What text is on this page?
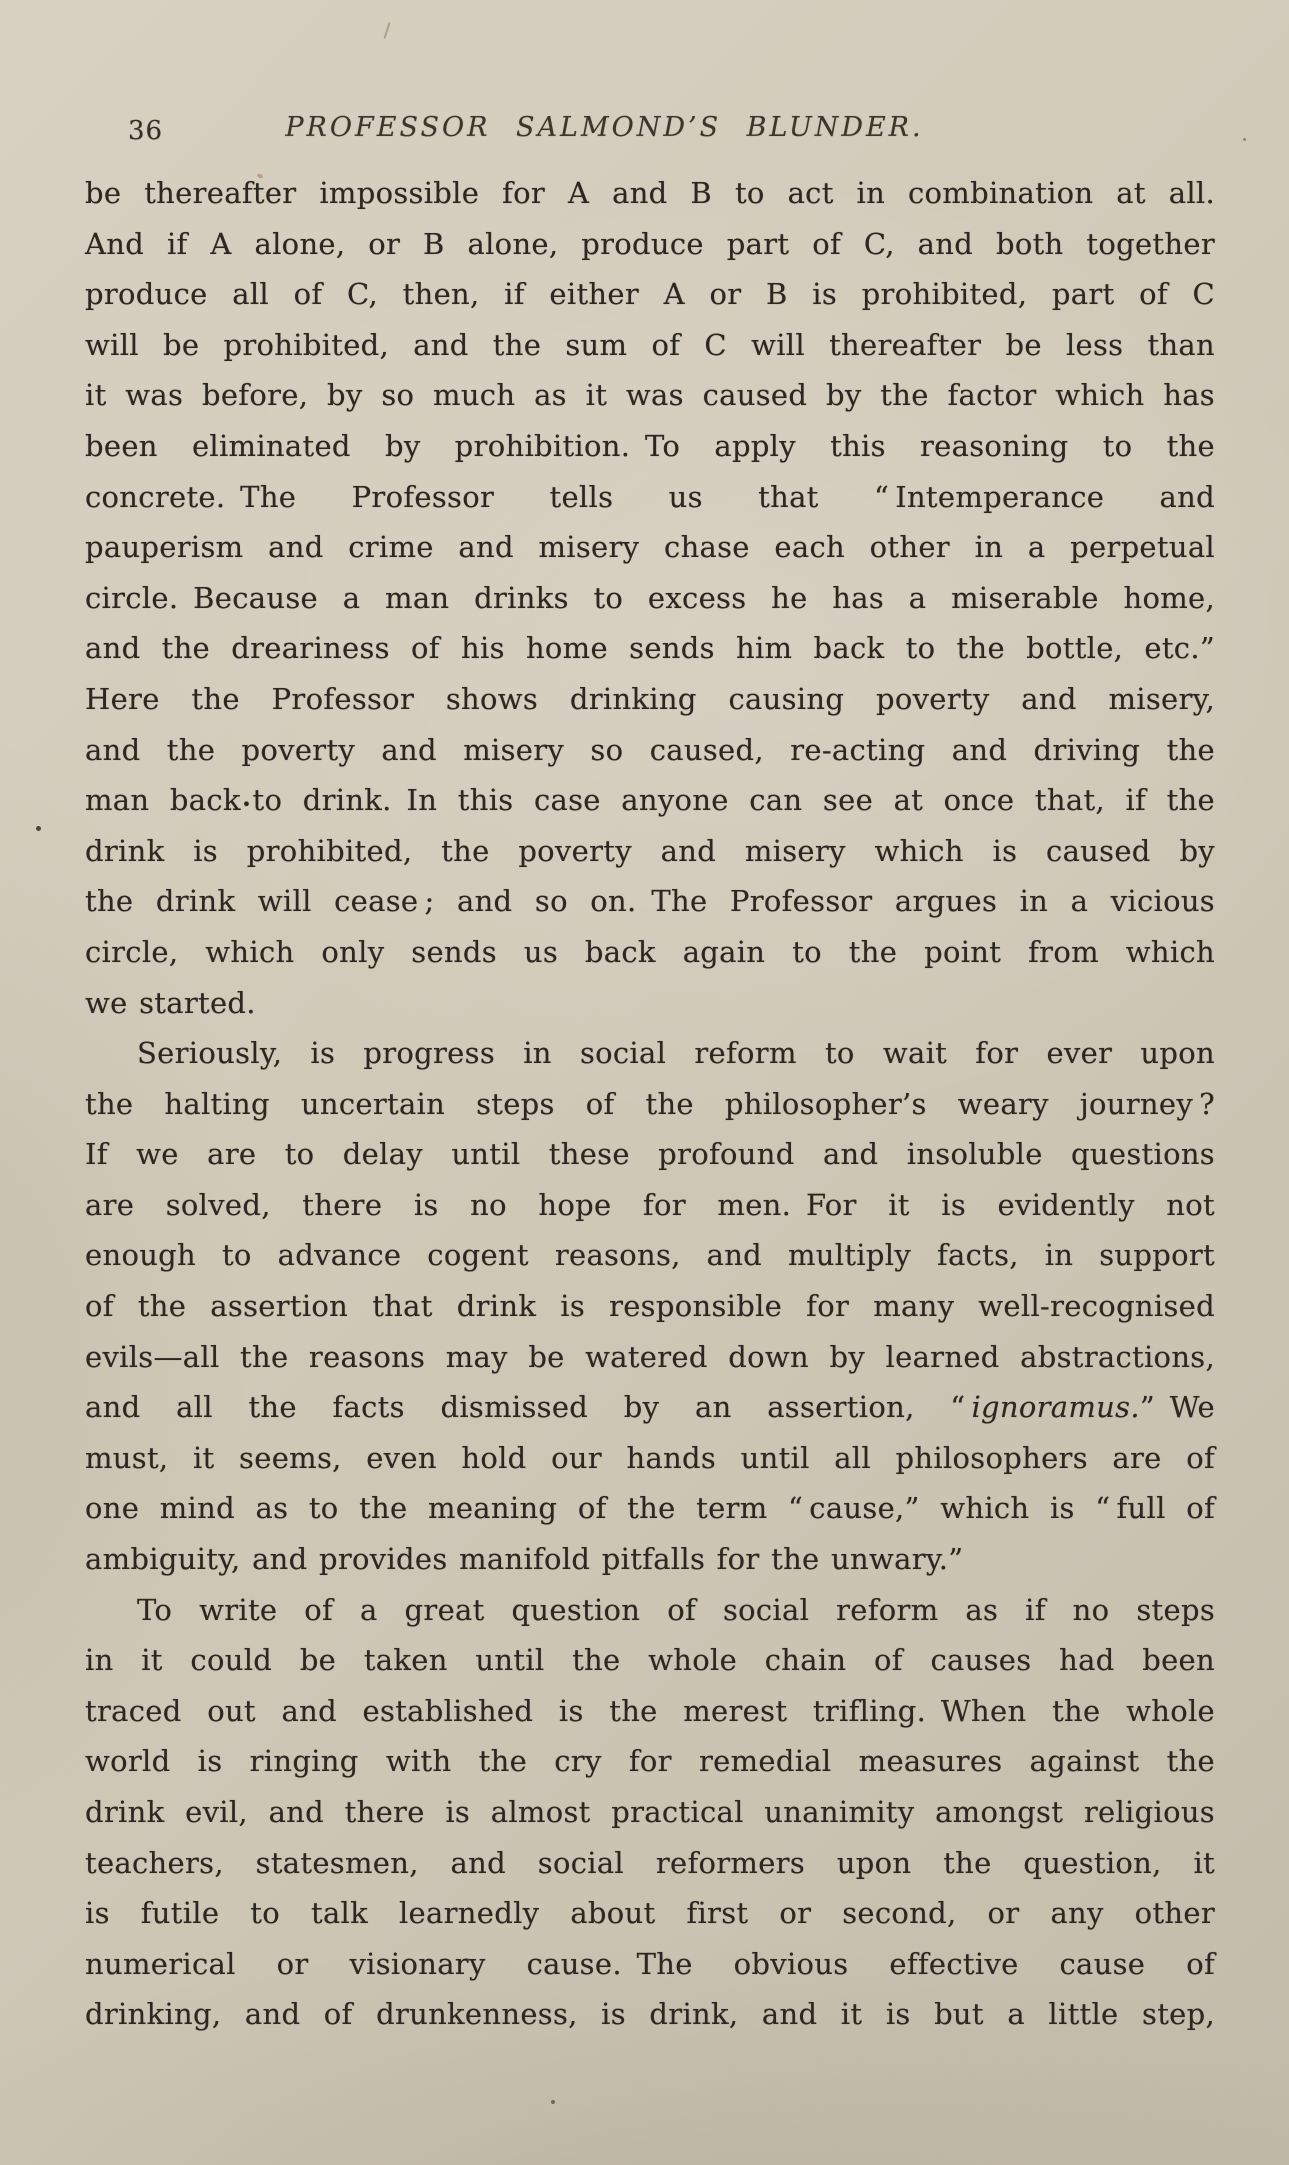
36	PROFESSOR SALMOND’S BLUNDER.
be thereafter impossible for A and B to act in combination at all.
And if A alone, or B alone, produce part of C, and both together
produce all of C, then, if either A or B is prohibited, part of C
will be prohibited, and the sum of C will thereafter be less than
it was before, by so much as it was caused by the factor which has
been eliminated by prohibition. To apply this reasoning to the
concrete. The Professor tells us that “ Intemperance and
pauperism and crime and misery chase each other in a perpetual
circle. Because a man drinks to excess he has a miserable home,
and the dreariness of his home sends him back to the bottle, etc.”
Here the Professor shows drinking causing poverty and misery,
and the poverty and misery so caused, re-acting and driving the
man back•to drink. In this case anyone can see at once that, if the
drink is prohibited, the poverty and misery which is caused by
the drink will cease ; and so on. The Professor argues in a vicious
circle, which only sends us back again to the point from which
we started.
Seriously, is progress in social reform to wait for ever upon
the halting uncertain steps of the philosopher’s weary journey ?
If we are to delay until these profound and insoluble questions
are solved, there is no hope for men. For it is evidently not
enough to advance cogent reasons, and multiply facts, in support
of the assertion that drink is responsible for many well-recognised
evils—all the reasons may be watered down by learned abstractions,
and all the facts dismissed by an assertion, “ ignoramus.” We
must, it seems, even hold our hands until all philosophers are of
one mind as to the meaning of the term “ cause,” which is “ full of
ambiguity, and provides manifold pitfalls for the unwary.”
To write of a great question of social reform as if no steps
in it could be taken until the whole chain of causes had been
traced out and established is the merest trifling. When the whole
world is ringing with the cry for remedial measures against the
drink evil, and there is almost practical unanimity amongst religious
teachers, statesmen, and social reformers upon the question, it
is futile to talk learnedly about first or second, or any other
numerical or visionary cause. The obvious effective cause of
drinking, and of drunkenness, is drink, and it is but a little step,
